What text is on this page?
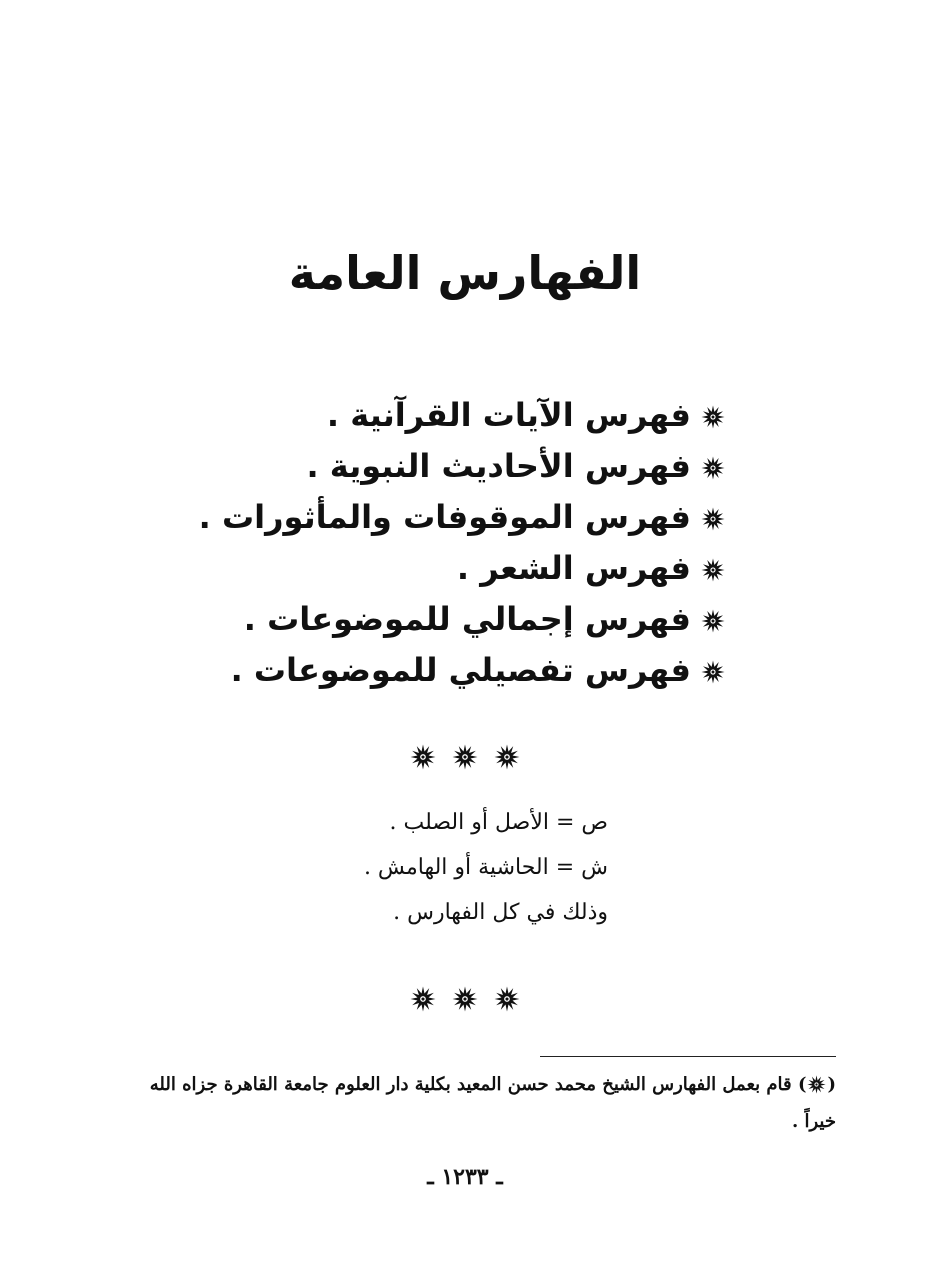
الفهارس العامة
فهرس الآيات القرآنية .
فهرس الأحاديث النبوية .
فهرس الموقوفات والمأثورات .
فهرس الشعر .
فهرس إجمالي للموضوعات .
فهرس تفصيلي للموضوعات .

ص = الأصل أو الصلب .

ش = الحاشية أو الهامش .

وذلك في كل الفهارس .

(
) قام بعمل الفهارس الشيخ محمد حسن المعيد بكلية دار العلوم جامعة القاهرة جزاه الله خيراً .

ـ ١٢٣٣ ـ
